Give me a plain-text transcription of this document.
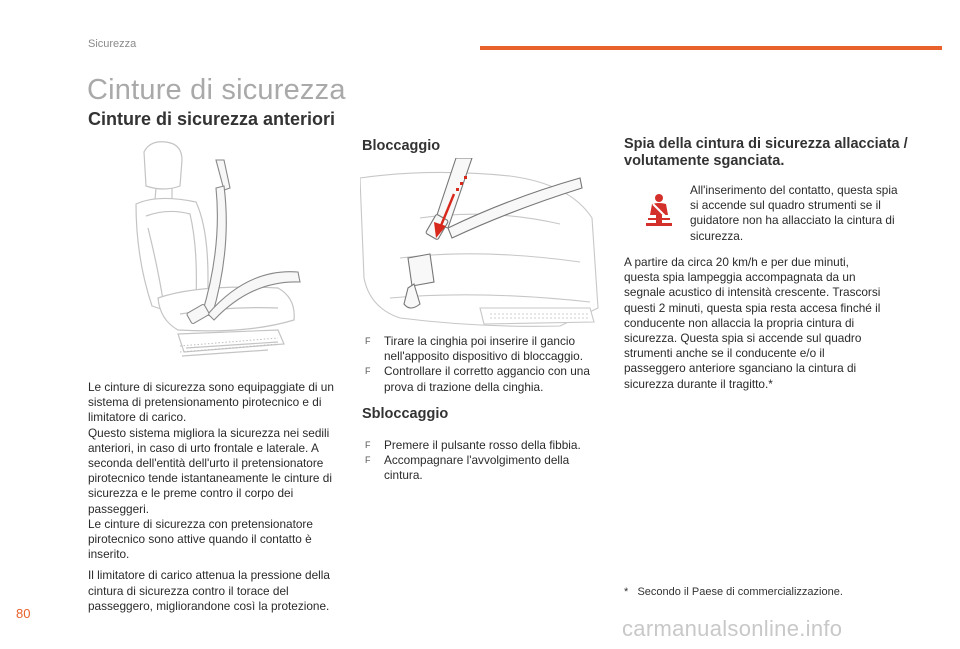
Sicurezza
Cinture di sicurezza
Cinture di sicurezza anteriori

Le cinture di sicurezza sono equipaggiate di un sistema di pretensionamento pirotecnico e di limitatore di carico.

Questo sistema migliora la sicurezza nei sedili anteriori, in caso di urto frontale e laterale. A seconda dell'entità dell'urto il pretensionatore pirotecnico tende istantaneamente le cinture di sicurezza e le preme contro il corpo dei passeggeri.

Le cinture di sicurezza con pretensionatore pirotecnico sono attive quando il contatto è inserito.

Il limitatore di carico attenua la pressione della cintura di sicurezza contro il torace del passeggero, migliorandone così la protezione.

Bloccaggio
F Tirare la cinghia poi inserire il gancio nell'apposito dispositivo di bloccaggio.
F Controllare il corretto aggancio con una prova di trazione della cinghia.
Sbloccaggio
F Premere il pulsante rosso della fibbia.
F Accompagnare l'avvolgimento della cintura.
Spia della cintura di sicurezza allacciata / volutamente sganciata.
All'inserimento del contatto, questa spia si accende sul quadro strumenti se il guidatore non ha allacciato la cintura di sicurezza.
A partire da circa 20 km/h e per due minuti, questa spia lampeggia accompagnata da un segnale acustico di intensità crescente. Trascorsi questi 2 minuti, questa spia resta accesa finché il conducente non allaccia la propria cintura di sicurezza. Questa spia si accende sul quadro strumenti anche se il conducente e/o il passeggero anteriore sganciano la cintura di sicurezza durante il tragitto.*
*   Secondo il Paese di commercializzazione.
80
carmanualsonline.info
